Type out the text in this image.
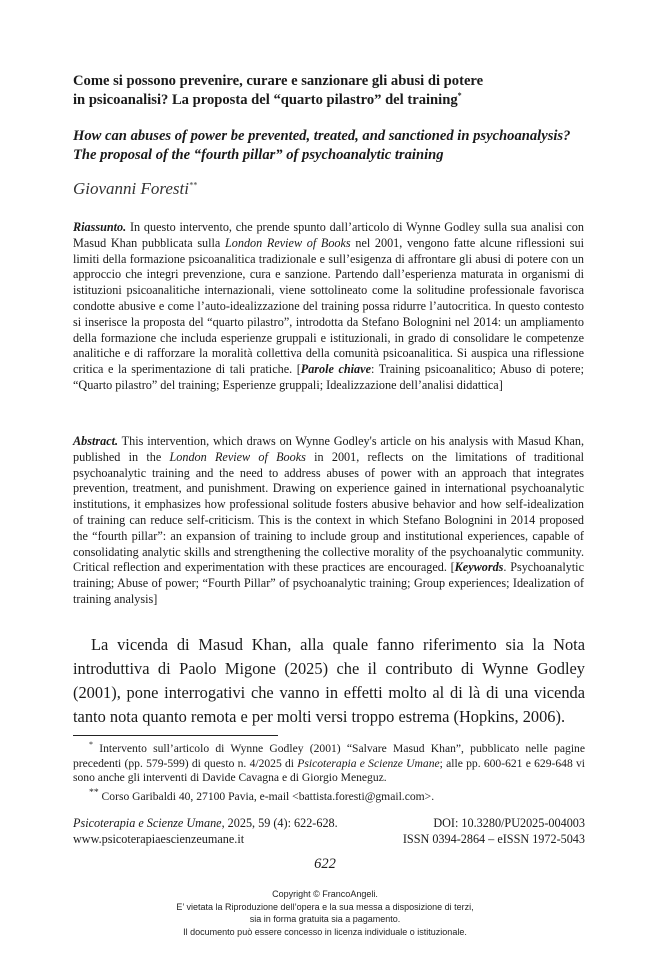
Come si possono prevenire, curare e sanzionare gli abusi di potere
in psicoanalisi? La proposta del “quarto pilastro” del training*
How can abuses of power be prevented, treated, and sanctioned in psychoanalysis?
The proposal of the “fourth pillar” of psychoanalytic training
Giovanni Foresti**
Riassunto. In questo intervento, che prende spunto dall’articolo di Wynne Godley sulla sua analisi con Masud Khan pubblicata sulla London Review of Books nel 2001, vengono fatte alcune riflessioni sui limiti della formazione psicoanalitica tradizionale e sull’esigenza di affrontare gli abusi di potere con un approccio che integri prevenzione, cura e sanzione. Partendo dall’esperienza maturata in organismi di istituzioni psicoanalitiche internazionali, viene sottolineato come la solitudine professionale favorisca condotte abusive e come l’auto-idealizzazione del training possa ridurre l’autocritica. In questo contesto si inserisce la proposta del “quarto pilastro”, introdotta da Stefano Bolognini nel 2014: un ampliamento della formazione che includa esperienze gruppali e istituzionali, in grado di consolidare le competenze analitiche e di rafforzare la moralità collettiva della comunità psicoanalitica. Si auspica una riflessione critica e la sperimentazione di tali pratiche. [Parole chiave: Training psicoanalitico; Abuso di potere; “Quarto pilastro” del training; Esperienze gruppali; Idealizzazione dell’analisi didattica]
Abstract. This intervention, which draws on Wynne Godley's article on his analysis with Masud Khan, published in the London Review of Books in 2001, reflects on the limitations of traditional psychoanalytic training and the need to address abuses of power with an approach that integrates prevention, treatment, and punishment. Drawing on experience gained in international psychoanalytic institutions, it emphasizes how professional solitude fosters abusive behavior and how self-idealization of training can reduce self-criticism. This is the context in which Stefano Bolognini in 2014 proposed the “fourth pillar”: an expansion of training to include group and institutional experiences, capable of consolidating analytic skills and strengthening the collective morality of the psychoanalytic community. Critical reflection and experimentation with these practices are encouraged. [Keywords. Psychoanalytic training; Abuse of power; “Fourth Pillar” of psychoanalytic training; Group experiences; Idealization of training analysis]
La vicenda di Masud Khan, alla quale fanno riferimento sia la Nota introduttiva di Paolo Migone (2025) che il contributo di Wynne Godley (2001), pone interrogativi che vanno in effetti molto al di là di una vicenda tanto nota quanto remota e per molti versi troppo estrema (Hopkins, 2006).

* Intervento sull’articolo di Wynne Godley (2001) “Salvare Masud Khan”, pubblicato nelle pagine precedenti (pp. 579-599) di questo n. 4/2025 di Psicoterapia e Scienze Umane; alle pp. 600-621 e 629-648 vi sono anche gli interventi di Davide Cavagna e di Giorgio Meneguz.

** Corso Garibaldi 40, 27100 Pavia, e-mail <battista.foresti@gmail.com>.

Psicoterapia e Scienze Umane, 2025, 59 (4): 622-628.	DOI: 10.3280/PU2025-004003
www.psicoterapiaescienzeumane.it	ISSN 0394-2864 – eISSN 1972-5043
622
Copyright © FrancoAngeli.
E’ vietata la Riproduzione dell’opera e la sua messa a disposizione di terzi,
sia in forma gratuita sia a pagamento.
Il documento può essere concesso in licenza individuale o istituzionale.
